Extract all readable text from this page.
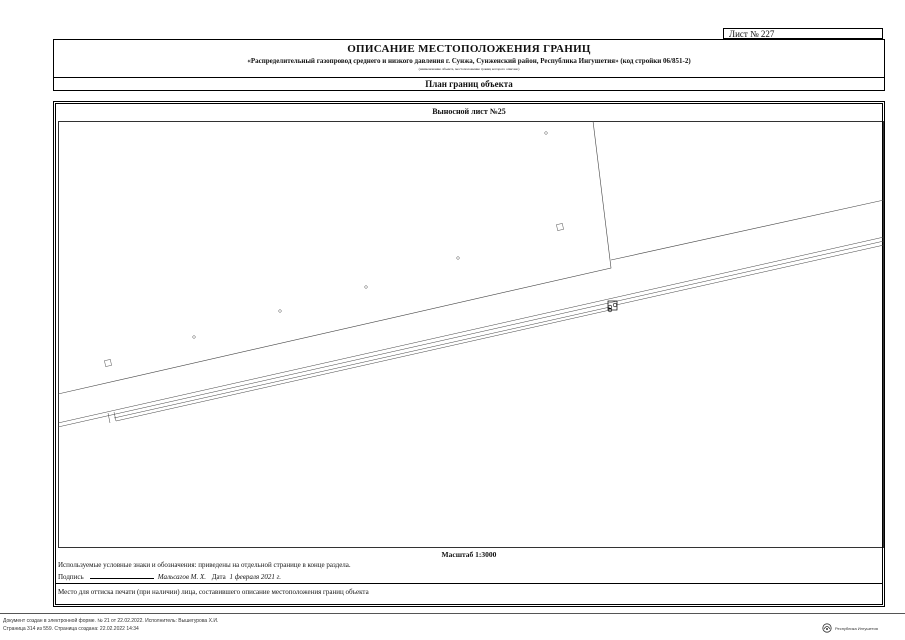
Лист № 227
ОПИСАНИЕ МЕСТОПОЛОЖЕНИЯ ГРАНИЦ
«Распределительный газопровод среднего и низкого давления г. Сунжа, Сунженский район, Республика Ингушетия» (код стройки 06/851-2)
(наименование объекта, местоположение границ которого описано)
План границ объекта
Выносной лист №25
Масштаб 1:3000
Используемые условные знаки и обозначения: приведены на отдельной странице в конце раздела.
Подпись	Мальсагов М. Х. Дата 1 февраля 2021 г.
Место для оттиска печати (при наличии) лица, составившего описание местоположения границ объекта
Документ создан в электронной форме. № 21 от 22.02.2022. Исполнитель: Вышегурова Х.И.
Страница 314 из 559. Страница создана: 22.02.2022 14:34	Республика Ингушетия
